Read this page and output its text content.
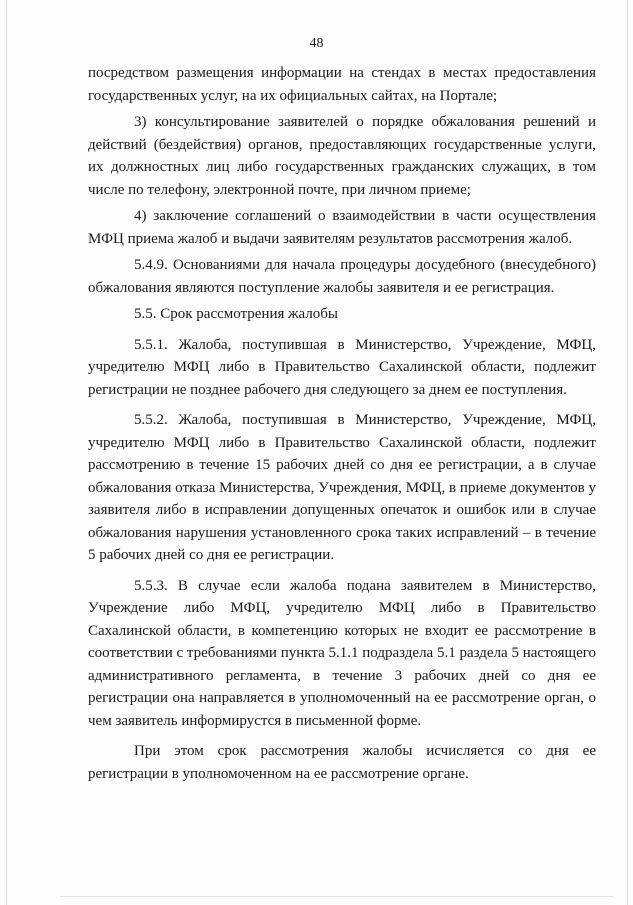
48

посредством размещения информации на стендах в местах предоставления государственных услуг, на их официальных сайтах, на Портале;

3) консультирование заявителей о порядке обжалования решений и действий (бездействия) органов, предоставляющих государственные услуги, их должностных лиц либо государственных гражданских служащих, в том числе по телефону, электронной почте, при личном приеме;

4) заключение соглашений о взаимодействии в части осуществления МФЦ приема жалоб и выдачи заявителям результатов рассмотрения жалоб.

5.4.9. Основаниями для начала процедуры досудебного (внесудебного) обжалования являются поступление жалобы заявителя и ее регистрация.

5.5. Срок рассмотрения жалобы

5.5.1. Жалоба, поступившая в Министерство, Учреждение, МФЦ, учредителю МФЦ либо в Правительство Сахалинской области, подлежит регистрации не позднее рабочего дня следующего за днем ее поступления.

5.5.2. Жалоба, поступившая в Министерство, Учреждение, МФЦ, учредителю МФЦ либо в Правительство Сахалинской области, подлежит рассмотрению в течение 15 рабочих дней со дня ее регистрации, а в случае обжалования отказа Министерства, Учреждения, МФЦ, в приеме документов у заявителя либо в исправлении допущенных опечаток и ошибок или в случае обжалования нарушения установленного срока таких исправлений – в течение 5 рабочих дней со дня ее регистрации.

5.5.3. В случае если жалоба подана заявителем в Министерство, Учреждение либо МФЦ, учредителю МФЦ либо в Правительство Сахалинской области, в компетенцию которых не входит ее рассмотрение в соответствии с требованиями пункта 5.1.1 подраздела 5.1 раздела 5 настоящего административного регламента, в течение 3 рабочих дней со дня ее регистрации она направляется в уполномоченный на ее рассмотрение орган, о чем заявитель информирустся в письменной форме.

При этом срок рассмотрения жалобы исчисляется со дня ее регистрации в уполномоченном на ее рассмотрение органе.
